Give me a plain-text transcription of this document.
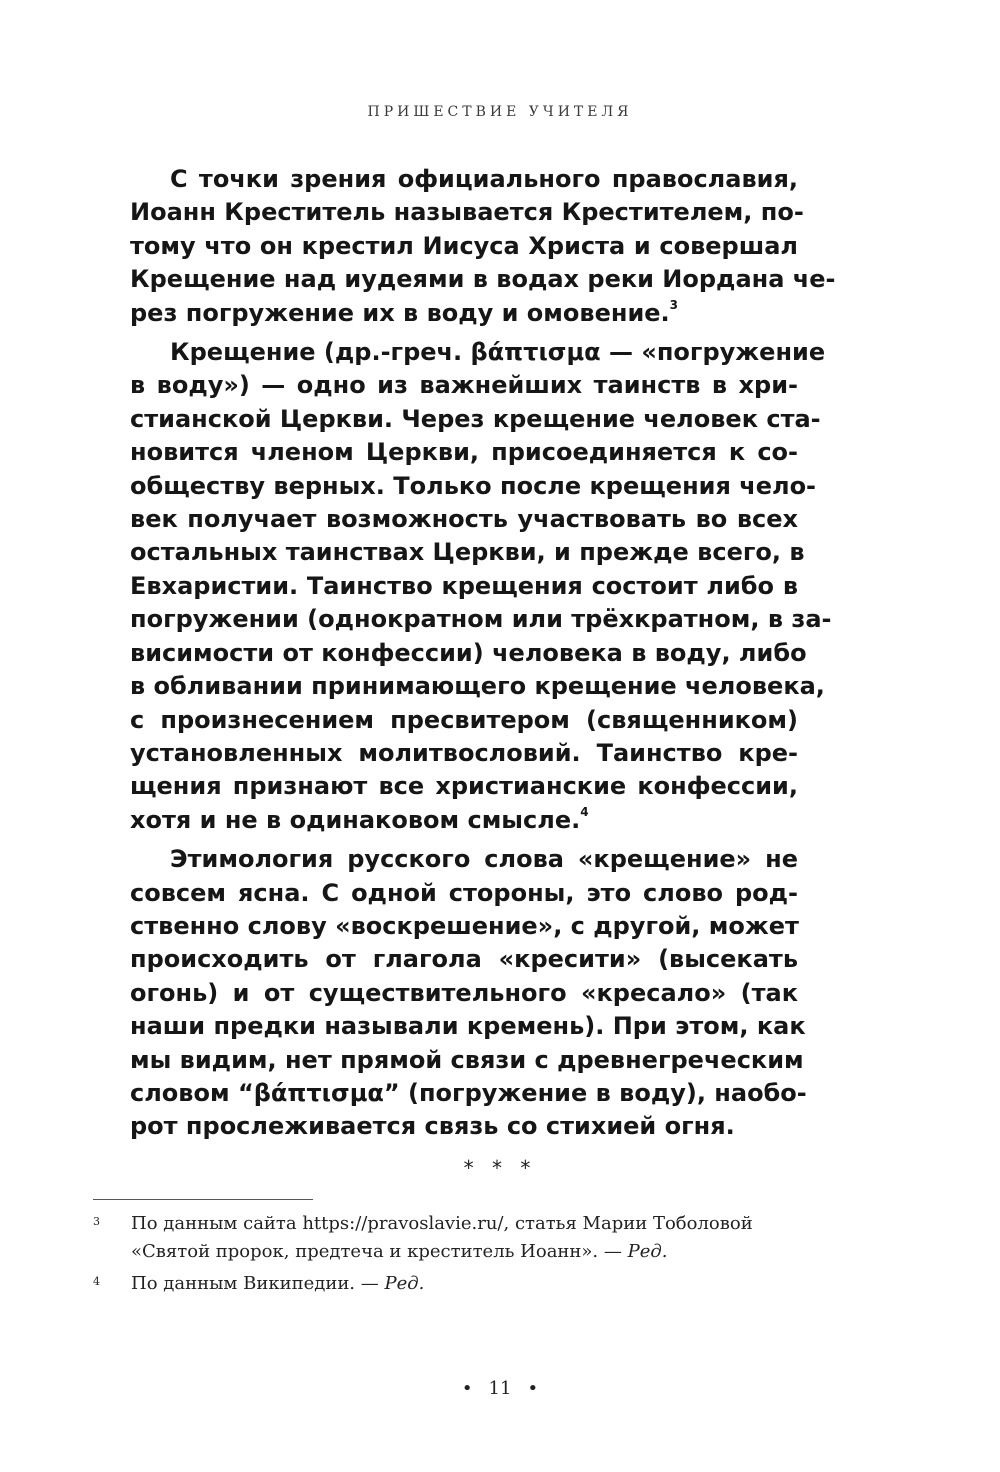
ПРИШЕСТВИЕ УЧИТЕЛЯ
С точки зрения официального православия,
Иоанн Креститель называется Крестителем, по-
тому что он крестил Иисуса Христа и совершал
Крещение над иудеями в водах реки Иордана че-
рез погружение их в воду и омовение.$^3$
Крещение (др.-греч. βάπτισμα — «погружение
в воду») — одно из важнейших таинств в хри-
стианской Церкви. Через крещение человек ста-
новится членом Церкви, присоединяется к со-
обществу верных. Только после крещения чело-
век получает возможность участвовать во всех
остальных таинствах Церкви, и прежде всего, в
Евхаристии. Таинство крещения состоит либо в
погружении (однократном или трёхкратном, в за-
висимости от конфессии) человека в воду, либо
в обливании принимающего крещение человека,
с произнесением пресвитером (священником)
установленных молитвословий. Таинство кре-
щения признают все христианские конфессии,
хотя и не в одинаковом смысле.$^4$
Этимология русского слова «крещение» не
совсем ясна. С одной стороны, это слово род-
ственно слову «воскрешение», с другой, может
происходить от глагола «кресити» (высекать
огонь) и от существительного «кресало» (так
наши предки называли кремень). При этом, как
мы видим, нет прямой связи с древнегреческим
словом “βάπτισμα” (погружение в воду), наобо-
рот прослеживается связь со стихией огня.
* * *
3 По данным сайта https://pravoslavie.ru/, статья Марии Тоболовой
«Святой пророк, предтеча и креститель Иоанн». — Ред.
4 По данным Википедии. — Ред.
• 11 •
